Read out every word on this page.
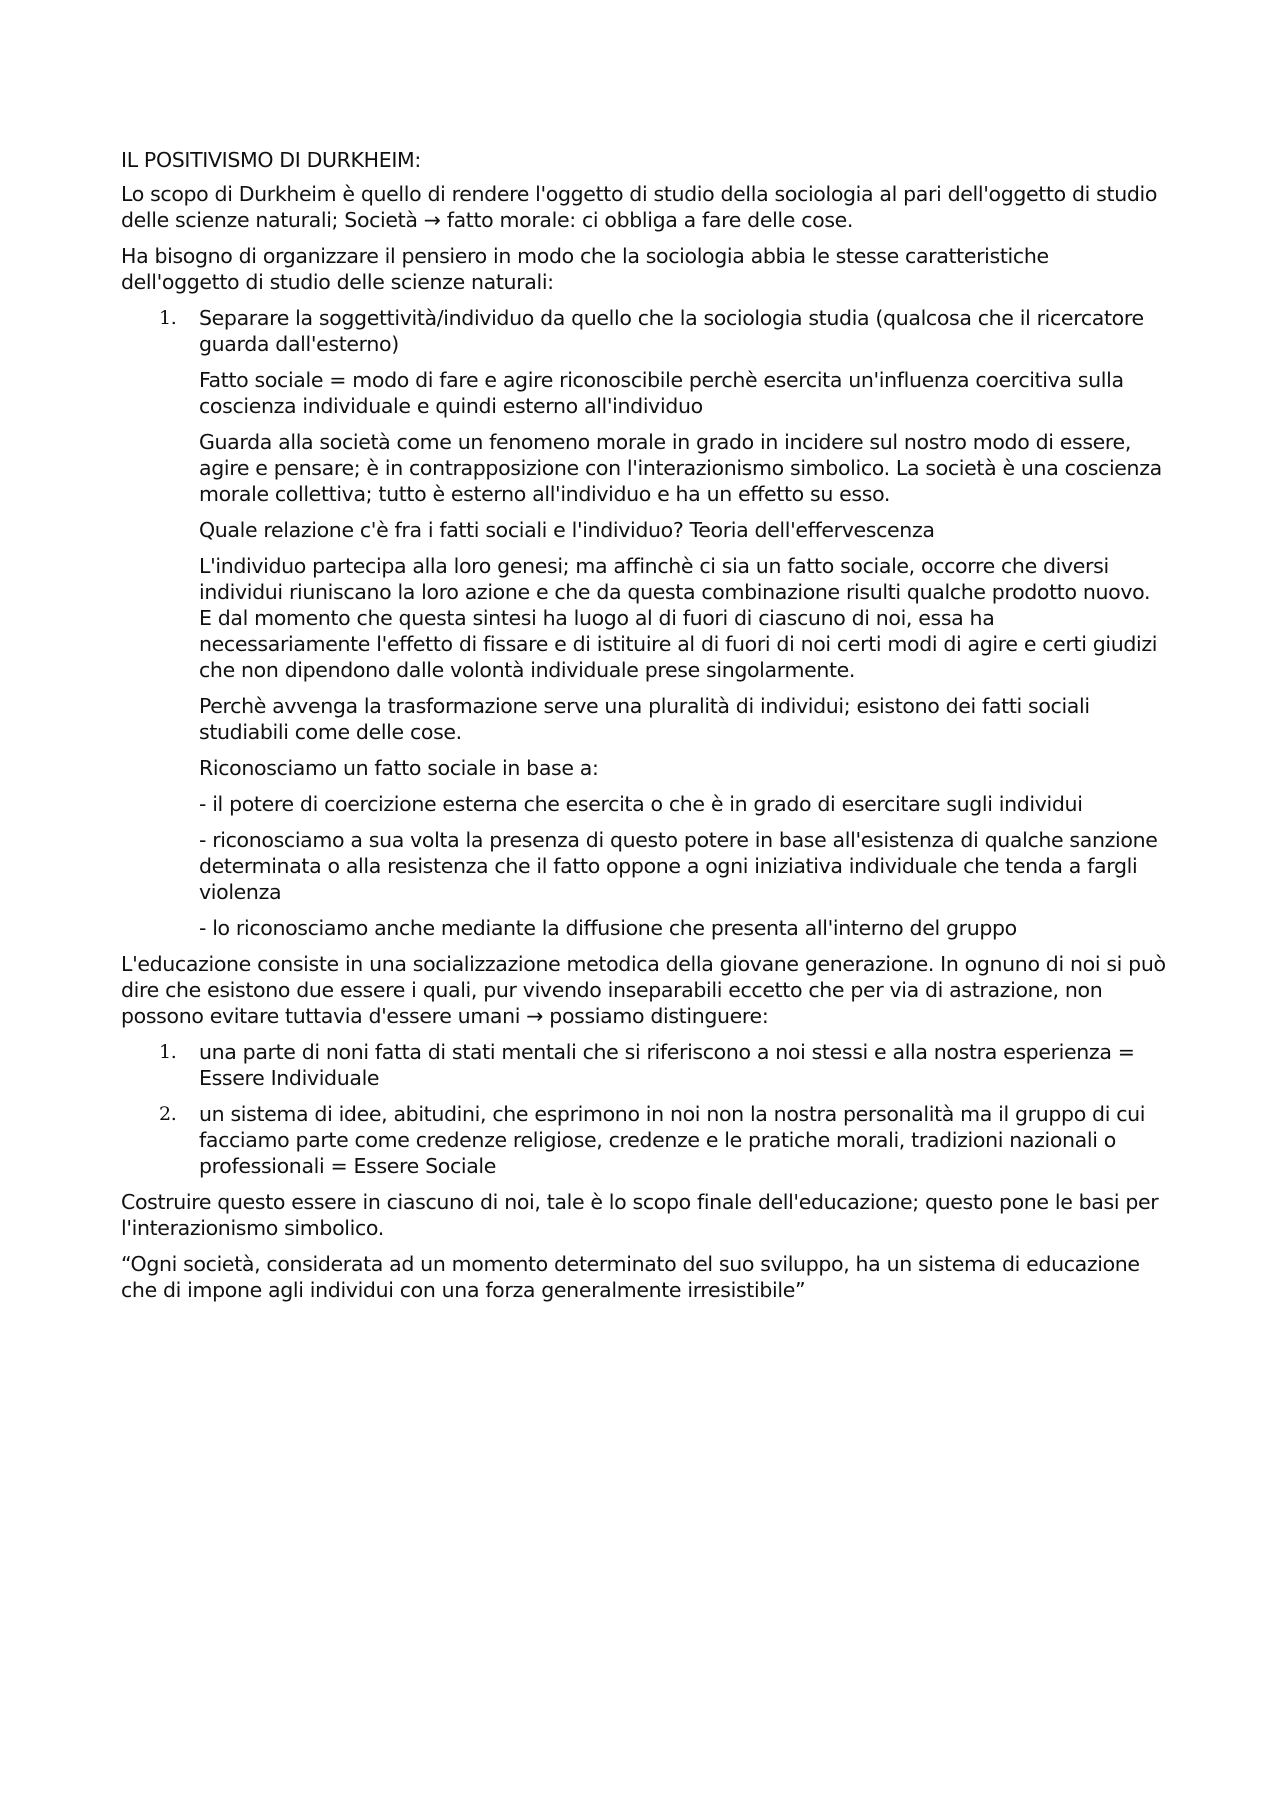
IL POSITIVISMO DI DURKHEIM:

Lo scopo di Durkheim è quello di rendere l'oggetto di studio della sociologia al pari dell'oggetto di studio delle scienze naturali; Società → fatto morale: ci obbliga a fare delle cose.

Ha bisogno di organizzare il pensiero in modo che la sociologia abbia le stesse caratteristiche dell'oggetto di studio delle scienze naturali:

1. Separare la soggettività/individuo da quello che la sociologia studia (qualcosa che il ricercatore guarda dall'esterno)

Fatto sociale = modo di fare e agire riconoscibile perchè esercita un'influenza coercitiva sulla coscienza individuale e quindi esterno all'individuo

Guarda alla società come un fenomeno morale in grado in incidere sul nostro modo di essere, agire e pensare; è in contrapposizione con l'interazionismo simbolico. La società è una coscienza morale collettiva; tutto è esterno all'individuo e ha un effetto su esso.

Quale relazione c'è fra i fatti sociali e l'individuo? Teoria dell'effervescenza

L'individuo partecipa alla loro genesi; ma affinchè ci sia un fatto sociale, occorre che diversi individui riuniscano la loro azione e che da questa combinazione risulti qualche prodotto nuovo. E dal momento che questa sintesi ha luogo al di fuori di ciascuno di noi, essa ha necessariamente l'effetto di fissare e di istituire al di fuori di noi certi modi di agire e certi giudizi che non dipendono dalle volontà individuale prese singolarmente.

Perchè avvenga la trasformazione serve una pluralità di individui; esistono dei fatti sociali studiabili come delle cose.

Riconosciamo un fatto sociale in base a:

- il potere di coercizione esterna che esercita o che è in grado di esercitare sugli individui

- riconosciamo a sua volta la presenza di questo potere in base all'esistenza di qualche sanzione determinata o alla resistenza che il fatto oppone a ogni iniziativa individuale che tenda a fargli violenza

- lo riconosciamo anche mediante la diffusione che presenta all'interno del gruppo

L'educazione consiste in una socializzazione metodica della giovane generazione. In ognuno di noi si può dire che esistono due essere i quali, pur vivendo inseparabili eccetto che per via di astrazione, non possono evitare tuttavia d'essere umani → possiamo distinguere:

1. una parte di noni fatta di stati mentali che si riferiscono a noi stessi e alla nostra esperienza = Essere Individuale
2. un sistema di idee, abitudini, che esprimono in noi non la nostra personalità ma il gruppo di cui facciamo parte come credenze religiose, credenze e le pratiche morali, tradizioni nazionali o professionali = Essere Sociale

Costruire questo essere in ciascuno di noi, tale è lo scopo finale dell'educazione; questo pone le basi per l'interazionismo simbolico.

“Ogni società, considerata ad un momento determinato del suo sviluppo, ha un sistema di educazione che di impone agli individui con una forza generalmente irresistibile”
